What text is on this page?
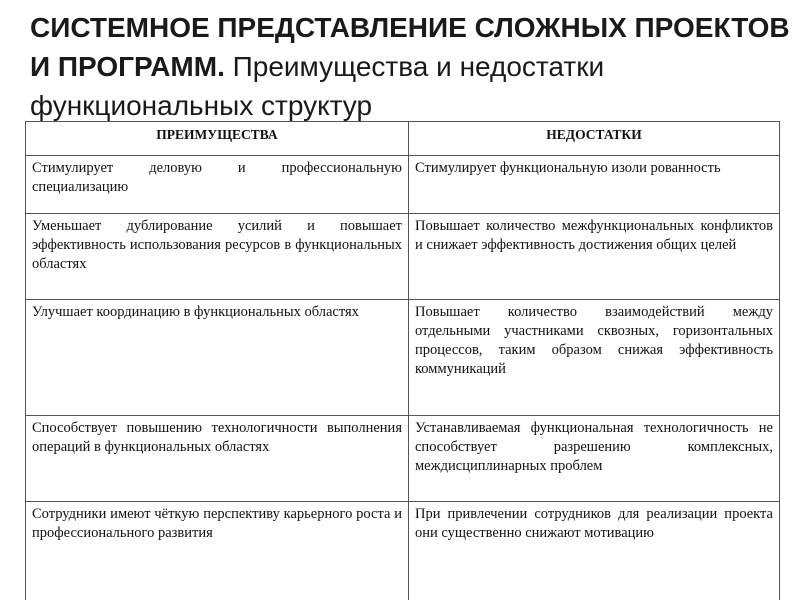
СИСТЕМНОЕ ПРЕДСТАВЛЕНИЕ СЛОЖНЫХ ПРОЕКТОВ И ПРОГРАММ. Преимущества и недостатки функциональных структур
ПРЕИМУЩЕСТВА	НЕДОСТАТКИ
Стимулирует деловую и профессиональную специализацию	Стимулирует функциональную изоли рованность
Уменьшает дублирование усилий и повышает эффективность использования ресурсов в функциональных областях	Повышает количество межфункциональных конфликтов и снижает эффективность достижения общих целей
Улучшает координацию в функциональных областях	Повышает количество взаимодействий между отдельными участниками сквозных, горизонтальных процессов, таким образом снижая эффективность коммуникаций
Способствует повышению технологичности выполнения операций в функциональных областях	Устанавливаемая функциональная технологичность не способствует разрешению комплексных, междисциплинарных проблем
Сотрудники имеют чёткую перспективу карьерного роста и профессионального развития	При привлечении сотрудников для реализации проекта они существенно снижают мотивацию
